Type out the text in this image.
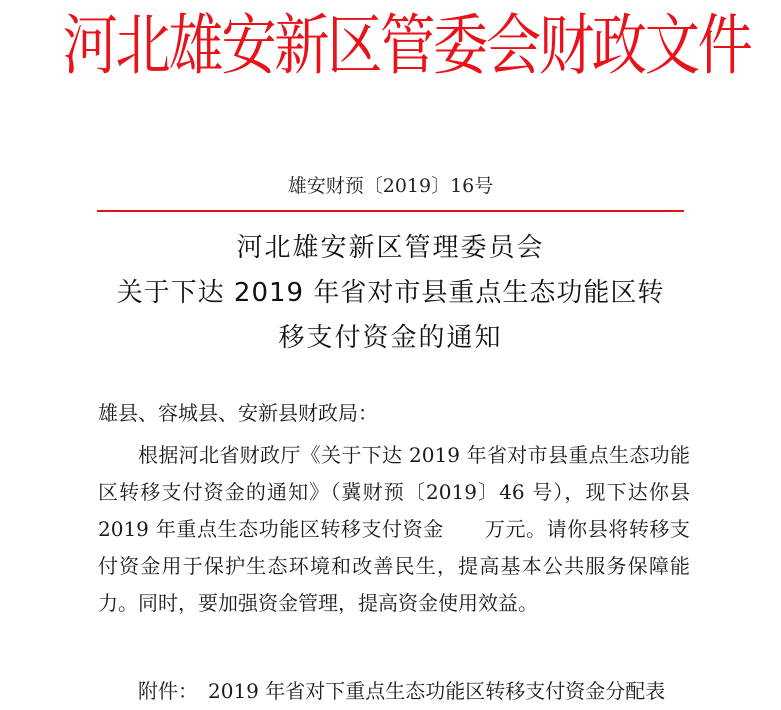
河北雄安新区管委会财政文件
雄安财预〔2019〕16号
河北雄安新区管理委员会
关于下达 2019 年省对市县重点生态功能区转
移支付资金的通知
雄县、容城县、安新县财政局：
根据河北省财政厅《关于下达 2019 年省对市县重点生态功能区转移支付资金的通知》（冀财预〔2019〕46 号），现下达你县 2019 年重点生态功能区转移支付资金　　万元。请你县将转移支付资金用于保护生态环境和改善民生，提高基本公共服务保障能力。同时，要加强资金管理，提高资金使用效益。
附件：　2019 年省对下重点生态功能区转移支付资金分配表
